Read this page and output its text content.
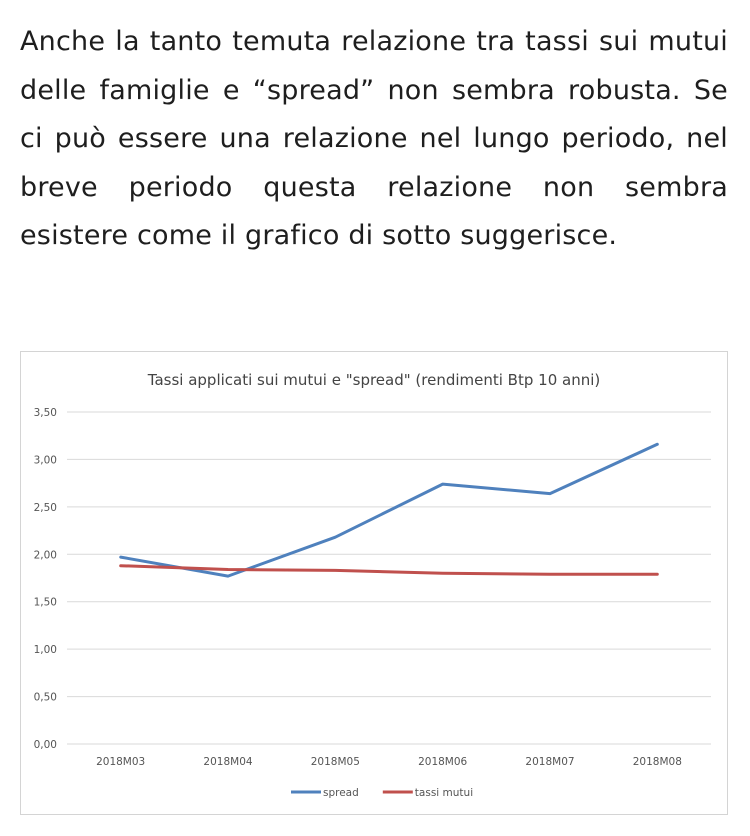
Anche la tanto temuta relazione tra tassi sui mutui delle famiglie e “spread” non sembra robusta. Se ci può essere una relazione nel lungo periodo, nel breve periodo questa relazione non sembra esistere come il grafico di sotto suggerisce.

Tassi applicati sui mutui e "spread" (rendimenti Btp 10 anni)
0,00
0,50
1,00
1,50
2,00
2,50
3,00
3,50
2018M03	2018M04	2018M05	2018M06	2018M07	2018M08
spread	tassi mutui
